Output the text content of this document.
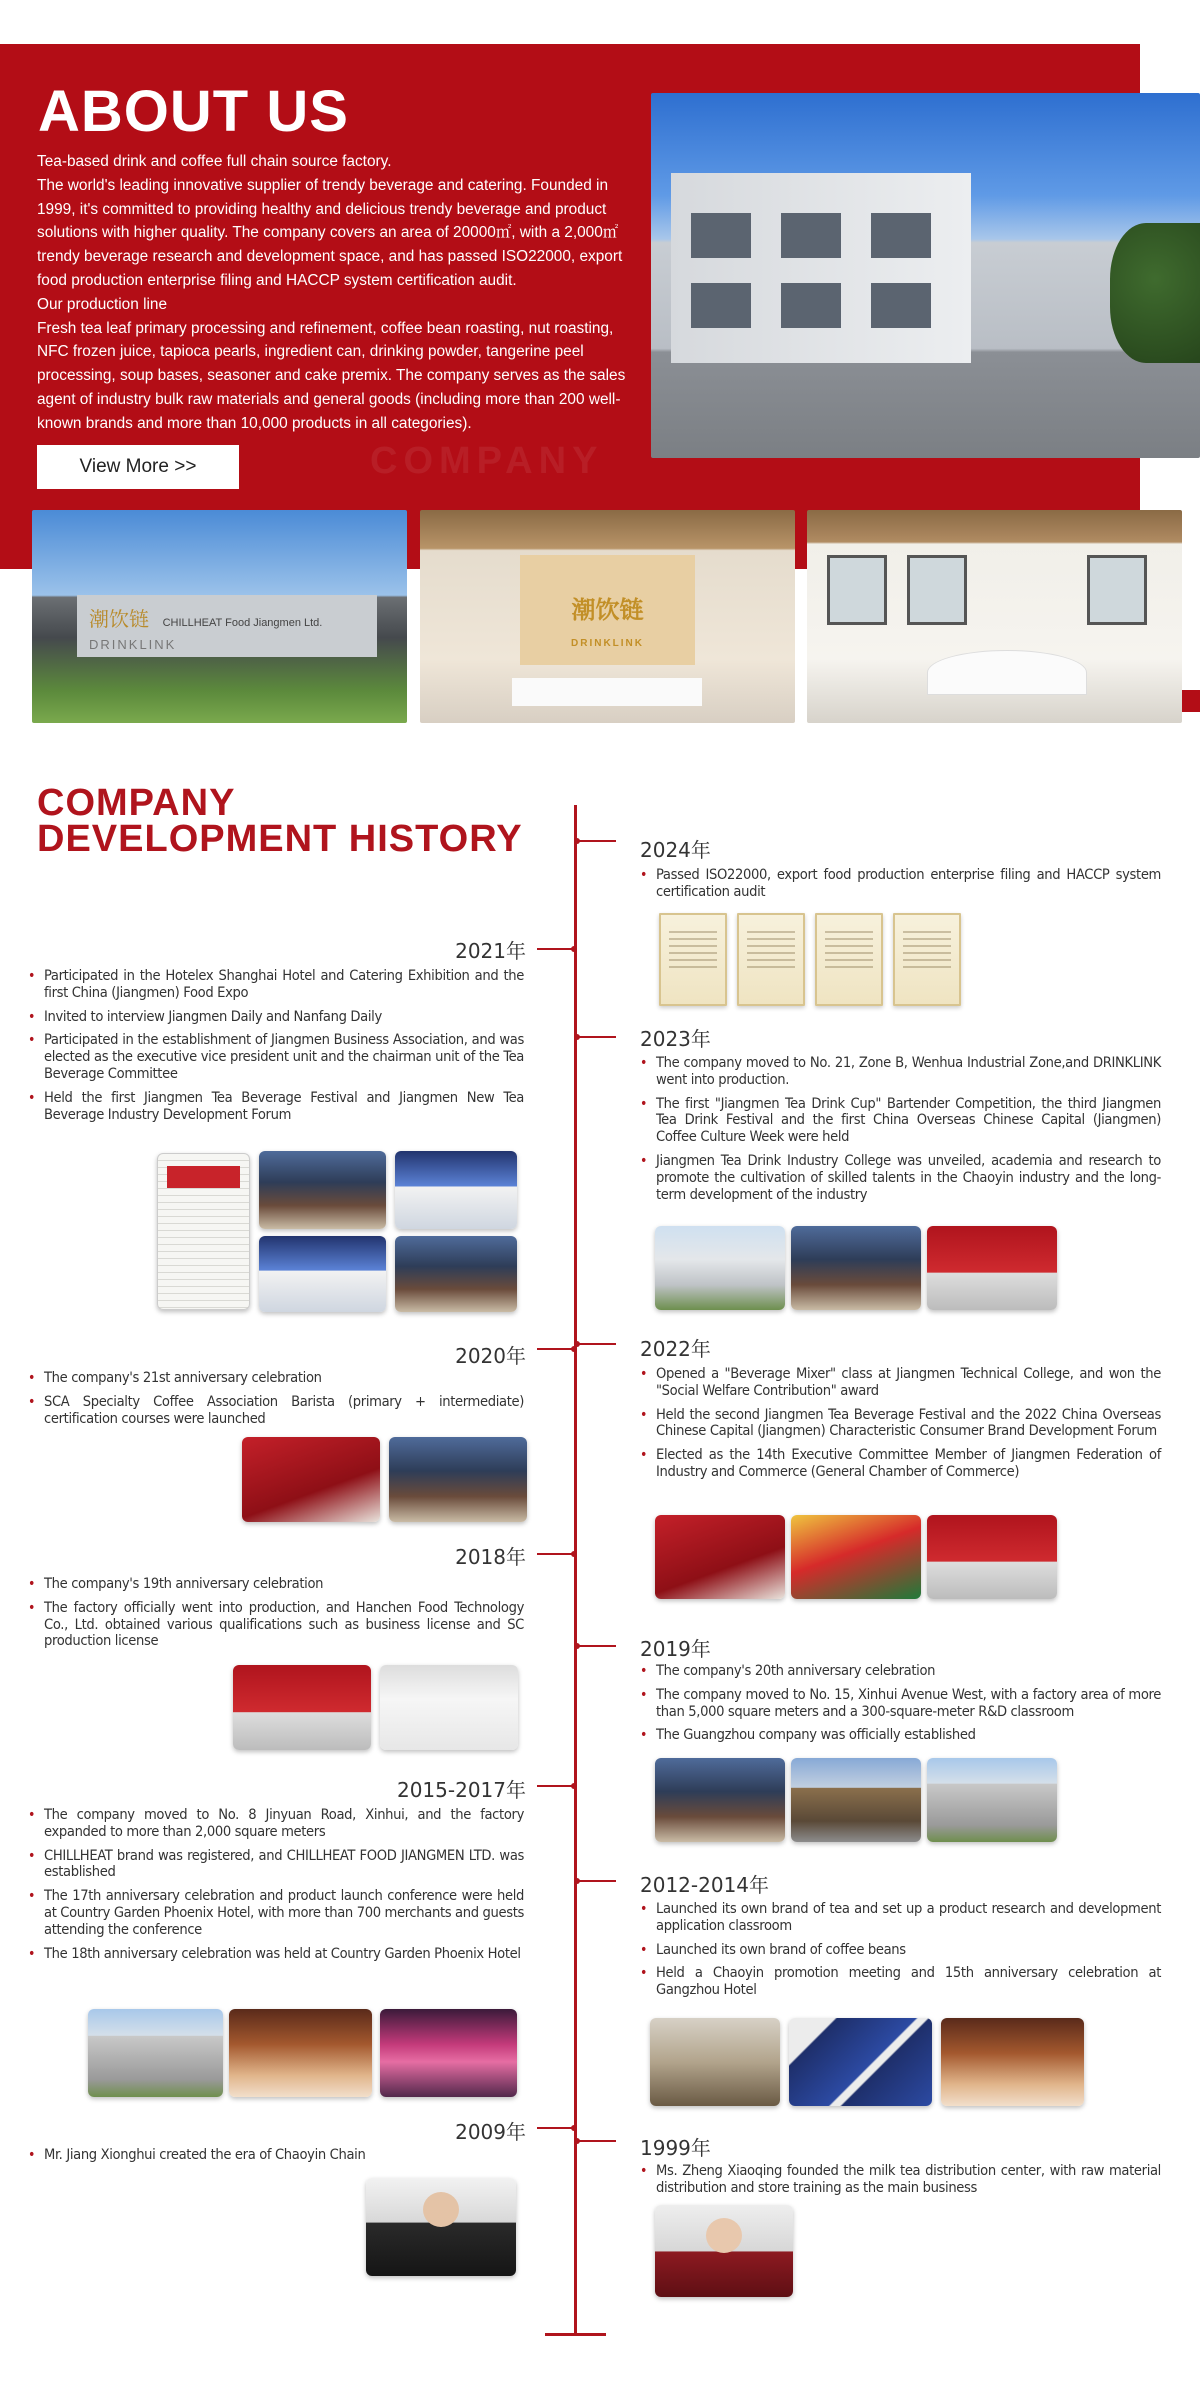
COMPANY
ABOUT US

Tea-based drink and coffee full chain source factory.

The world's leading innovative supplier of trendy beverage and catering. Founded in 1999, it's committed to providing healthy and delicious trendy beverage and product solutions with higher quality. The company covers an area of 20000㎡, with a 2,000㎡ trendy beverage research and development space, and has passed ISO22000, export food production enterprise filing and HACCP system certification audit.

Our production line

Fresh tea leaf primary processing and refinement, coffee bean roasting, nut roasting, NFC frozen juice, tapioca pearls, ingredient can, drinking powder, tangerine peel processing, soup bases, seasoner and cake premix. The company serves as the sales agent of industry bulk raw materials and general goods (including more than 200 well-known brands and more than 10,000 products in all categories).

View More >>
潮饮链 CHILLHEAT Food Jiangmen Ltd.
DRINKLINK
潮饮链
DRINKLINK
COMPANY
DEVELOPMENT HISTORY
2021年
• Participated in the Hotelex Shanghai Hotel and Catering Exhibition and the first China (Jiangmen) Food Expo
• Invited to interview Jiangmen Daily and Nanfang Daily
• Participated in the establishment of Jiangmen Business Association, and was elected as the executive vice president unit and the chairman unit of the Tea Beverage Committee
• Held the first Jiangmen Tea Beverage Festival and Jiangmen New Tea Beverage Industry Development Forum
2020年
• The company's 21st anniversary celebration
• SCA Specialty Coffee Association Barista (primary + intermediate) certification courses were launched
2018年
• The company's 19th anniversary celebration
• The factory officially went into production, and Hanchen Food Technology Co., Ltd. obtained various qualifications such as business license and SC production license
2015-2017年
• The company moved to No. 8 Jinyuan Road, Xinhui, and the factory expanded to more than 2,000 square meters
• CHILLHEAT brand was registered, and CHILLHEAT FOOD JIANGMEN LTD. was established
• The 17th anniversary celebration and product launch conference were held at Country Garden Phoenix Hotel, with more than 700 merchants and guests attending the conference
• The 18th anniversary celebration was held at Country Garden Phoenix Hotel
2009年
• Mr. Jiang Xionghui created the era of Chaoyin Chain
2024年
• Passed ISO22000, export food production enterprise filing and HACCP system certification audit
2023年
• The company moved to No. 21, Zone B, Wenhua Industrial Zone,and DRINKLINK went into production.
• The first "Jiangmen Tea Drink Cup" Bartender Competition, the third Jiangmen Tea Drink Festival and the first China Overseas Chinese Capital (Jiangmen) Coffee Culture Week were held
• Jiangmen Tea Drink Industry College was unveiled, academia and research to promote the cultivation of skilled talents in the Chaoyin industry and the long-term development of the industry
2022年
• Opened a "Beverage Mixer" class at Jiangmen Technical College, and won the "Social Welfare Contribution" award
• Held the second Jiangmen Tea Beverage Festival and the 2022 China Overseas Chinese Capital (Jiangmen) Characteristic Consumer Brand Development Forum
• Elected as the 14th Executive Committee Member of Jiangmen Federation of Industry and Commerce (General Chamber of Commerce)
2019年
• The company's 20th anniversary celebration
• The company moved to No. 15, Xinhui Avenue West, with a factory area of more than 5,000 square meters and a 300-square-meter R&D classroom
• The Guangzhou company was officially established
2012-2014年
• Launched its own brand of tea and set up a product research and development application classroom
• Launched its own brand of coffee beans
• Held a Chaoyin promotion meeting and 15th anniversary celebration at Gangzhou Hotel
1999年
• Ms. Zheng Xiaoqing founded the milk tea distribution center, with raw material distribution and store training as the main business
